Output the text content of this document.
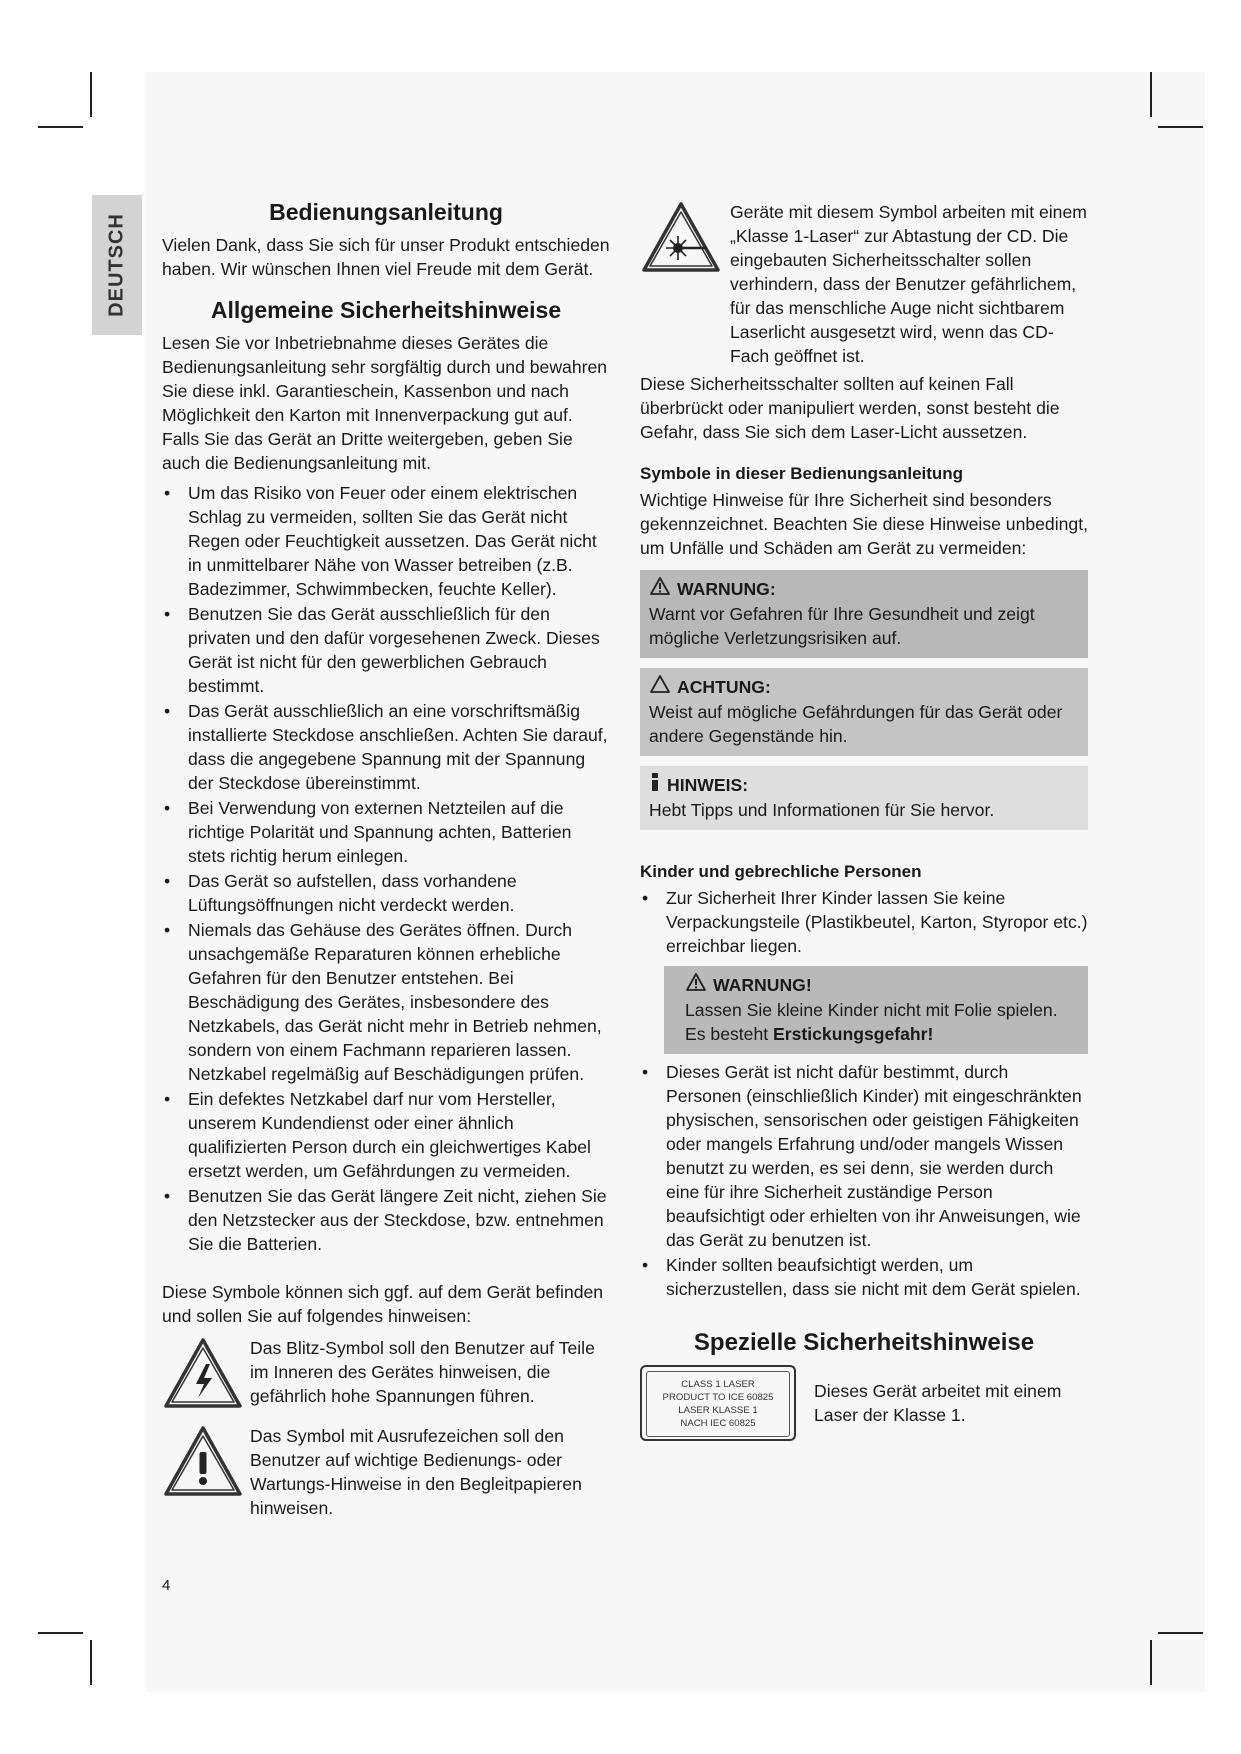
DEUTSCH
Bedienungsanleitung

Vielen Dank, dass Sie sich für unser Produkt entschieden haben. Wir wünschen Ihnen viel Freude mit dem Gerät.

Allgemeine Sicherheitshinweise

Lesen Sie vor Inbetriebnahme dieses Gerätes die Bedienungsanleitung sehr sorgfältig durch und bewahren Sie diese inkl. Garantieschein, Kassenbon und nach Möglichkeit den Karton mit Innenverpackung gut auf. Falls Sie das Gerät an Dritte weitergeben, geben Sie auch die Bedienungsanleitung mit.

• Um das Risiko von Feuer oder einem elektrischen Schlag zu vermeiden, sollten Sie das Gerät nicht Regen oder Feuchtigkeit aussetzen. Das Gerät nicht in unmittelbarer Nähe von Wasser betreiben (z.B. Badezimmer, Schwimmbecken, feuchte Keller).
• Benutzen Sie das Gerät ausschließlich für den privaten und den dafür vorgesehenen Zweck. Dieses Gerät ist nicht für den gewerblichen Gebrauch bestimmt.
• Das Gerät ausschließlich an eine vorschriftsmäßig installierte Steckdose anschließen. Achten Sie darauf, dass die angegebene Spannung mit der Spannung der Steckdose übereinstimmt.
• Bei Verwendung von externen Netzteilen auf die richtige Polarität und Spannung achten, Batterien stets richtig herum einlegen.
• Das Gerät so aufstellen, dass vorhandene Lüftungsöffnungen nicht verdeckt werden.
• Niemals das Gehäuse des Gerätes öffnen. Durch unsachgemäße Reparaturen können erhebliche Gefahren für den Benutzer entstehen. Bei Beschädigung des Gerätes, insbesondere des Netzkabels, das Gerät nicht mehr in Betrieb nehmen, sondern von einem Fachmann reparieren lassen. Netzkabel regelmäßig auf Beschädigungen prüfen.
• Ein defektes Netzkabel darf nur vom Hersteller, unserem Kundendienst oder einer ähnlich qualifizierten Person durch ein gleichwertiges Kabel ersetzt werden, um Gefährdungen zu vermeiden.
• Benutzen Sie das Gerät längere Zeit nicht, ziehen Sie den Netzstecker aus der Steckdose, bzw. entnehmen Sie die Batterien.

Diese Symbole können sich ggf. auf dem Gerät befinden und sollen Sie auf folgendes hinweisen:

Das Blitz-Symbol soll den Benutzer auf Teile im Inneren des Gerätes hinweisen, die gefährlich hohe Spannungen führen.

Das Symbol mit Ausrufezeichen soll den Benutzer auf wichtige Bedienungs- oder Wartungs-Hinweise in den Begleitpapieren hinweisen.

Geräte mit diesem Symbol arbeiten mit einem „Klasse 1-Laser“ zur Abtastung der CD. Die eingebauten Sicherheitsschalter sollen verhindern, dass der Benutzer gefährlichem, für das menschliche Auge nicht sichtbarem Laserlicht ausgesetzt wird, wenn das CD-Fach geöffnet ist.

Diese Sicherheitsschalter sollten auf keinen Fall überbrückt oder manipuliert werden, sonst besteht die Gefahr, dass Sie sich dem Laser-Licht aussetzen.

Symbole in dieser Bedienungsanleitung

Wichtige Hinweise für Ihre Sicherheit sind besonders gekennzeichnet. Beachten Sie diese Hinweise unbedingt, um Unfälle und Schäden am Gerät zu vermeiden:

WARNUNG:

Warnt vor Gefahren für Ihre Gesundheit und zeigt mögliche Verletzungsrisiken auf.

ACHTUNG:

Weist auf mögliche Gefährdungen für das Gerät oder andere Gegenstände hin.

HINWEIS:

Hebt Tipps und Informationen für Sie hervor.

Kinder und gebrechliche Personen
• Zur Sicherheit Ihrer Kinder lassen Sie keine Verpackungsteile (Plastikbeutel, Karton, Styropor etc.) erreichbar liegen.
WARNUNG!

Lassen Sie kleine Kinder nicht mit Folie spielen.

Es besteht Erstickungsgefahr!

• Dieses Gerät ist nicht dafür bestimmt, durch Personen (einschließlich Kinder) mit eingeschränkten physischen, sensorischen oder geistigen Fähigkeiten oder mangels Erfahrung und/oder mangels Wissen benutzt zu werden, es sei denn, sie werden durch eine für ihre Sicherheit zuständige Person beaufsichtigt oder erhielten von ihr Anweisungen, wie das Gerät zu benutzen ist.
• Kinder sollten beaufsichtigt werden, um sicherzustellen, dass sie nicht mit dem Gerät spielen.
Spezielle Sicherheitshinweise
CLASS 1 LASER
PRODUCT TO ICE 60825
LASER KLASSE 1
NACH IEC 60825

Dieses Gerät arbeitet mit einem Laser der Klasse 1.

4
